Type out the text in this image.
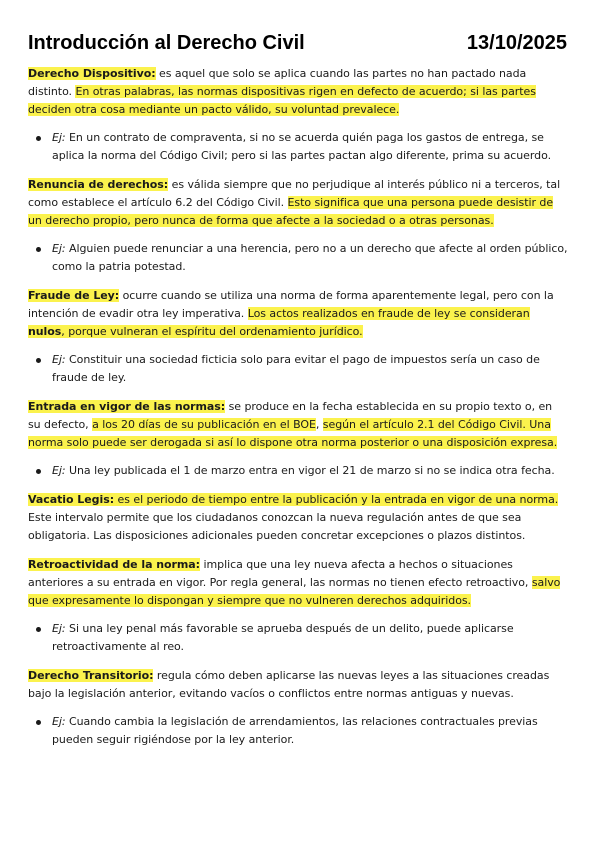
Introducción al Derecho Civil	13/10/2025

Derecho Dispositivo: es aquel que solo se aplica cuando las partes no han pactado nada distinto. En otras palabras, las normas dispositivas rigen en defecto de acuerdo; si las partes deciden otra cosa mediante un pacto válido, su voluntad prevalece.

Ej: En un contrato de compraventa, si no se acuerda quién paga los gastos de entrega, se aplica la norma del Código Civil; pero si las partes pactan algo diferente, prima su acuerdo.

Renuncia de derechos: es válida siempre que no perjudique al interés público ni a terceros, tal como establece el artículo 6.2 del Código Civil. Esto significa que una persona puede desistir de un derecho propio, pero nunca de forma que afecte a la sociedad o a otras personas.

Ej: Alguien puede renunciar a una herencia, pero no a un derecho que afecte al orden público, como la patria potestad.

Fraude de Ley: ocurre cuando se utiliza una norma de forma aparentemente legal, pero con la intención de evadir otra ley imperativa. Los actos realizados en fraude de ley se consideran nulos, porque vulneran el espíritu del ordenamiento jurídico.

Ej: Constituir una sociedad ficticia solo para evitar el pago de impuestos sería un caso de fraude de ley.

Entrada en vigor de las normas: se produce en la fecha establecida en su propio texto o, en su defecto, a los 20 días de su publicación en el BOE, según el artículo 2.1 del Código Civil. Una norma solo puede ser derogada si así lo dispone otra norma posterior o una disposición expresa.

Ej: Una ley publicada el 1 de marzo entra en vigor el 21 de marzo si no se indica otra fecha.

Vacatio Legis: es el periodo de tiempo entre la publicación y la entrada en vigor de una norma. Este intervalo permite que los ciudadanos conozcan la nueva regulación antes de que sea obligatoria. Las disposiciones adicionales pueden concretar excepciones o plazos distintos.

Retroactividad de la norma: implica que una ley nueva afecta a hechos o situaciones anteriores a su entrada en vigor. Por regla general, las normas no tienen efecto retroactivo, salvo que expresamente lo dispongan y siempre que no vulneren derechos adquiridos.

Ej: Si una ley penal más favorable se aprueba después de un delito, puede aplicarse retroactivamente al reo.

Derecho Transitorio: regula cómo deben aplicarse las nuevas leyes a las situaciones creadas bajo la legislación anterior, evitando vacíos o conflictos entre normas antiguas y nuevas.

Ej: Cuando cambia la legislación de arrendamientos, las relaciones contractuales previas pueden seguir rigiéndose por la ley anterior.
